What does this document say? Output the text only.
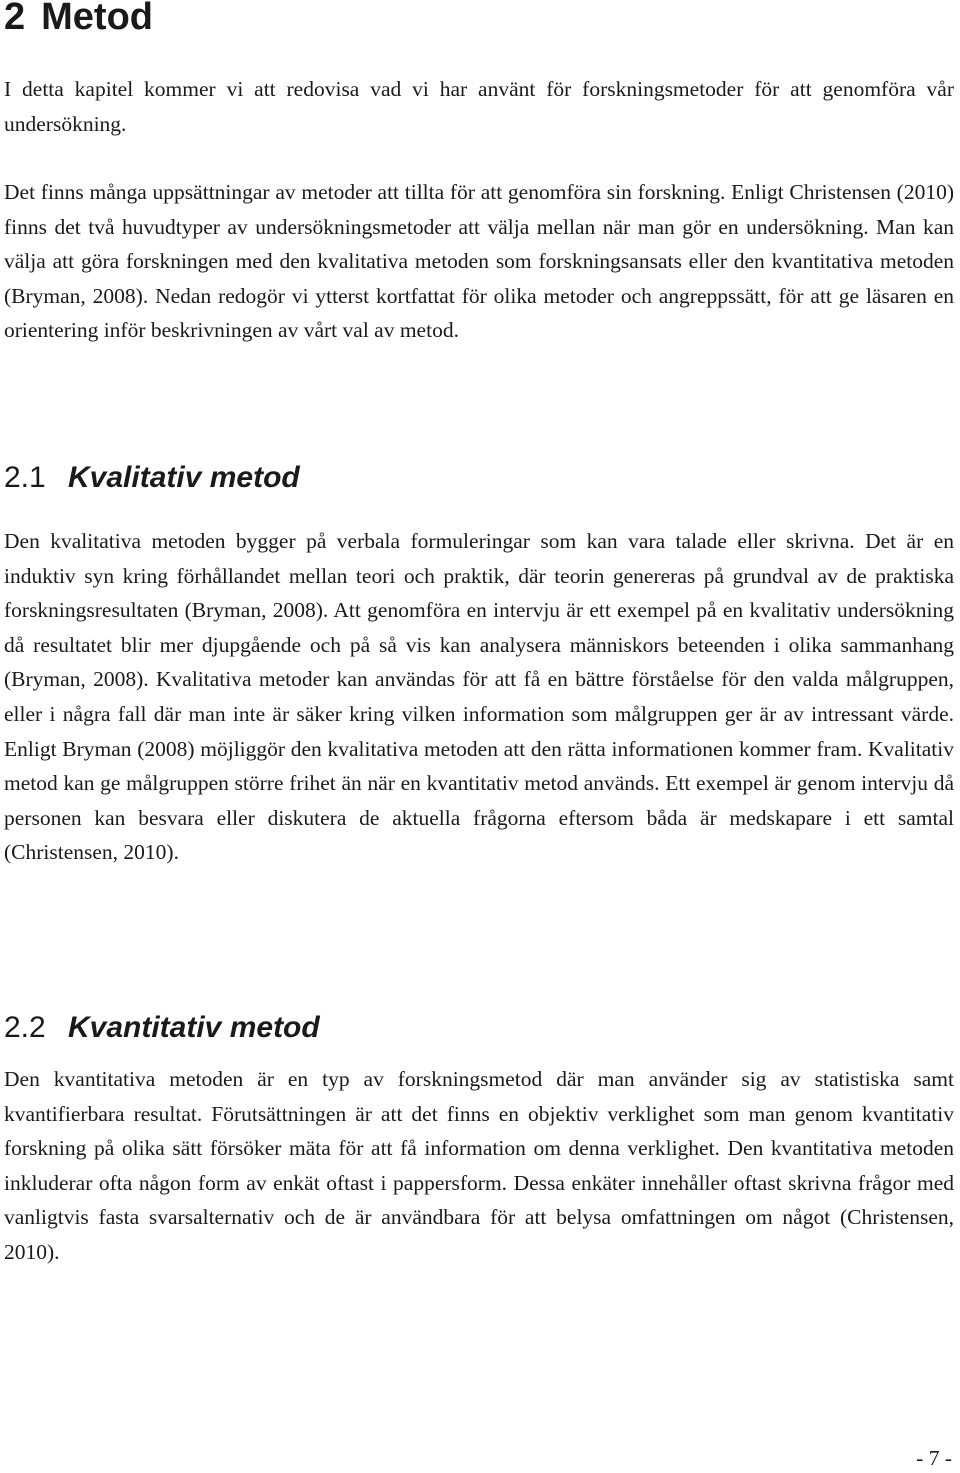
2 Metod

I detta kapitel kommer vi att redovisa vad vi har använt för forskningsmetoder för att genomföra vår undersökning.

Det finns många uppsättningar av metoder att tillta för att genomföra sin forskning. Enligt Christensen (2010) finns det två huvudtyper av undersökningsmetoder att välja mellan när man gör en undersökning. Man kan välja att göra forskningen med den kvalitativa metoden som forskningsansats eller den kvantitativa metoden (Bryman, 2008). Nedan redogör vi ytterst kortfattat för olika metoder och angreppssätt, för att ge läsaren en orientering inför beskrivningen av vårt val av metod.

2.1 Kvalitativ metod

Den kvalitativa metoden bygger på verbala formuleringar som kan vara talade eller skrivna. Det är en induktiv syn kring förhållandet mellan teori och praktik, där teorin genereras på grundval av de praktiska forskningsresultaten (Bryman, 2008). Att genomföra en intervju är ett exempel på en kvalitativ undersökning då resultatet blir mer djupgående och på så vis kan analysera människors beteenden i olika sammanhang (Bryman, 2008). Kvalitativa metoder kan användas för att få en bättre förståelse för den valda målgruppen, eller i några fall där man inte är säker kring vilken information som målgruppen ger är av intressant värde. Enligt Bryman (2008) möjliggör den kvalitativa metoden att den rätta informationen kommer fram. Kvalitativ metod kan ge målgruppen större frihet än när en kvantitativ metod används. Ett exempel är genom intervju då personen kan besvara eller diskutera de aktuella frågorna eftersom båda är medskapare i ett samtal (Christensen, 2010).

2.2 Kvantitativ metod

Den kvantitativa metoden är en typ av forskningsmetod där man använder sig av statistiska samt kvantifierbara resultat. Förutsättningen är att det finns en objektiv verklighet som man genom kvantitativ forskning på olika sätt försöker mäta för att få information om denna verklighet. Den kvantitativa metoden inkluderar ofta någon form av enkät oftast i pappersform. Dessa enkäter innehåller oftast skrivna frågor med vanligtvis fasta svarsalternativ och de är användbara för att belysa omfattningen om något (Christensen, 2010).

- 7 -
